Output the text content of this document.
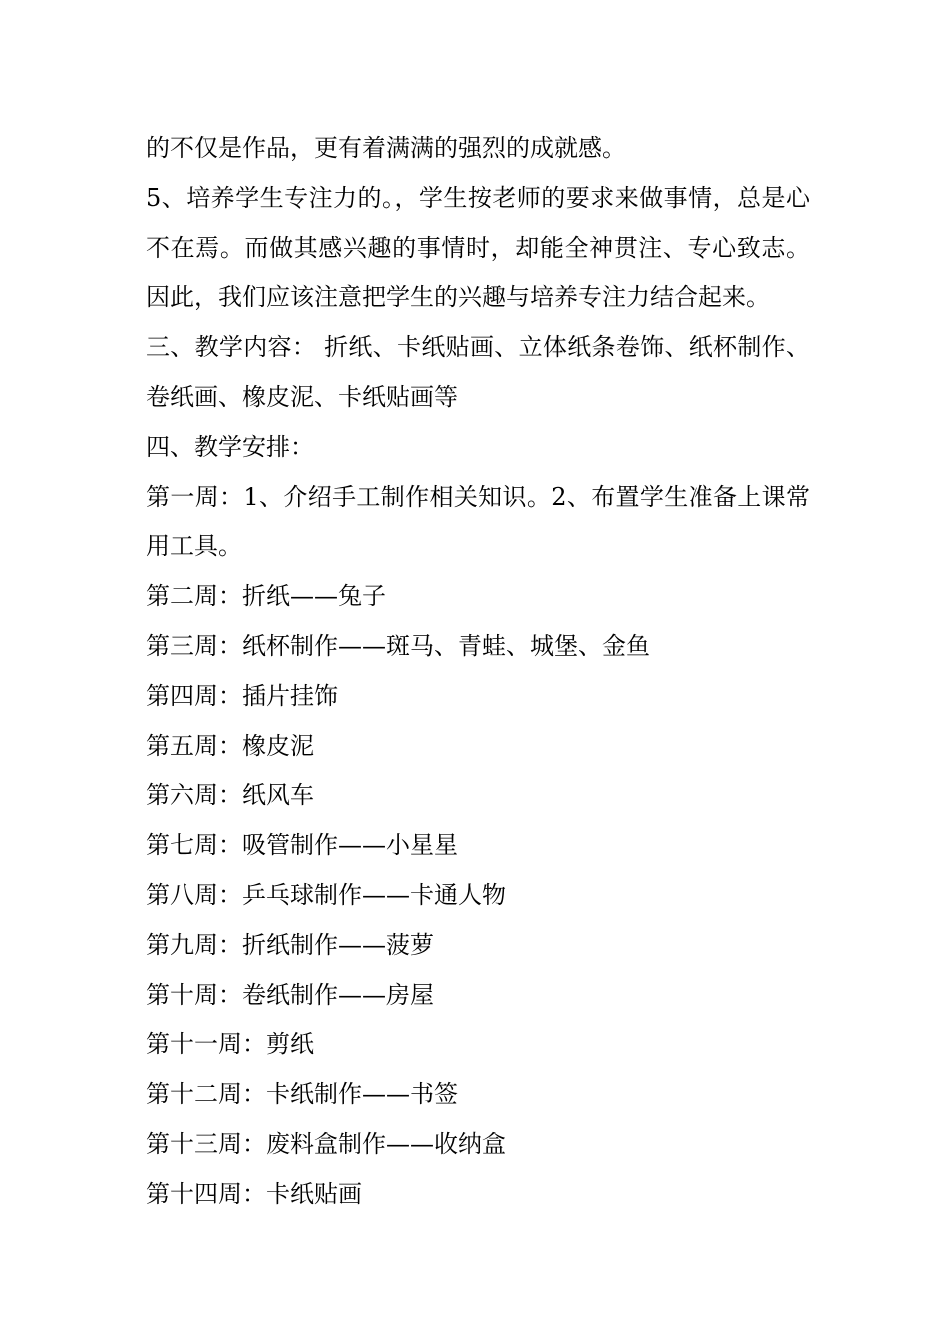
的不仅是作品，更有着满满的强烈的成就感。
5、培养学生专注力的。，学生按老师的要求来做事情，总是心
不在焉。而做其感兴趣的事情时，却能全神贯注、专心致志。
因此，我们应该注意把学生的兴趣与培养专注力结合起来。
三、教学内容： 折纸、卡纸贴画、立体纸条卷饰、纸杯制作、
卷纸画、橡皮泥、卡纸贴画等
四、教学安排：
第一周：1、介绍手工制作相关知识。2、布置学生准备上课常
用工具。
第二周：折纸——兔子
第三周：纸杯制作——斑马、青蛙、城堡、金鱼
第四周：插片挂饰
第五周：橡皮泥
第六周：纸风车
第七周：吸管制作——小星星
第八周：乒乓球制作——卡通人物
第九周：折纸制作——菠萝
第十周：卷纸制作——房屋
第十一周：剪纸
第十二周：卡纸制作——书签
第十三周：废料盒制作——收纳盒
第十四周：卡纸贴画
